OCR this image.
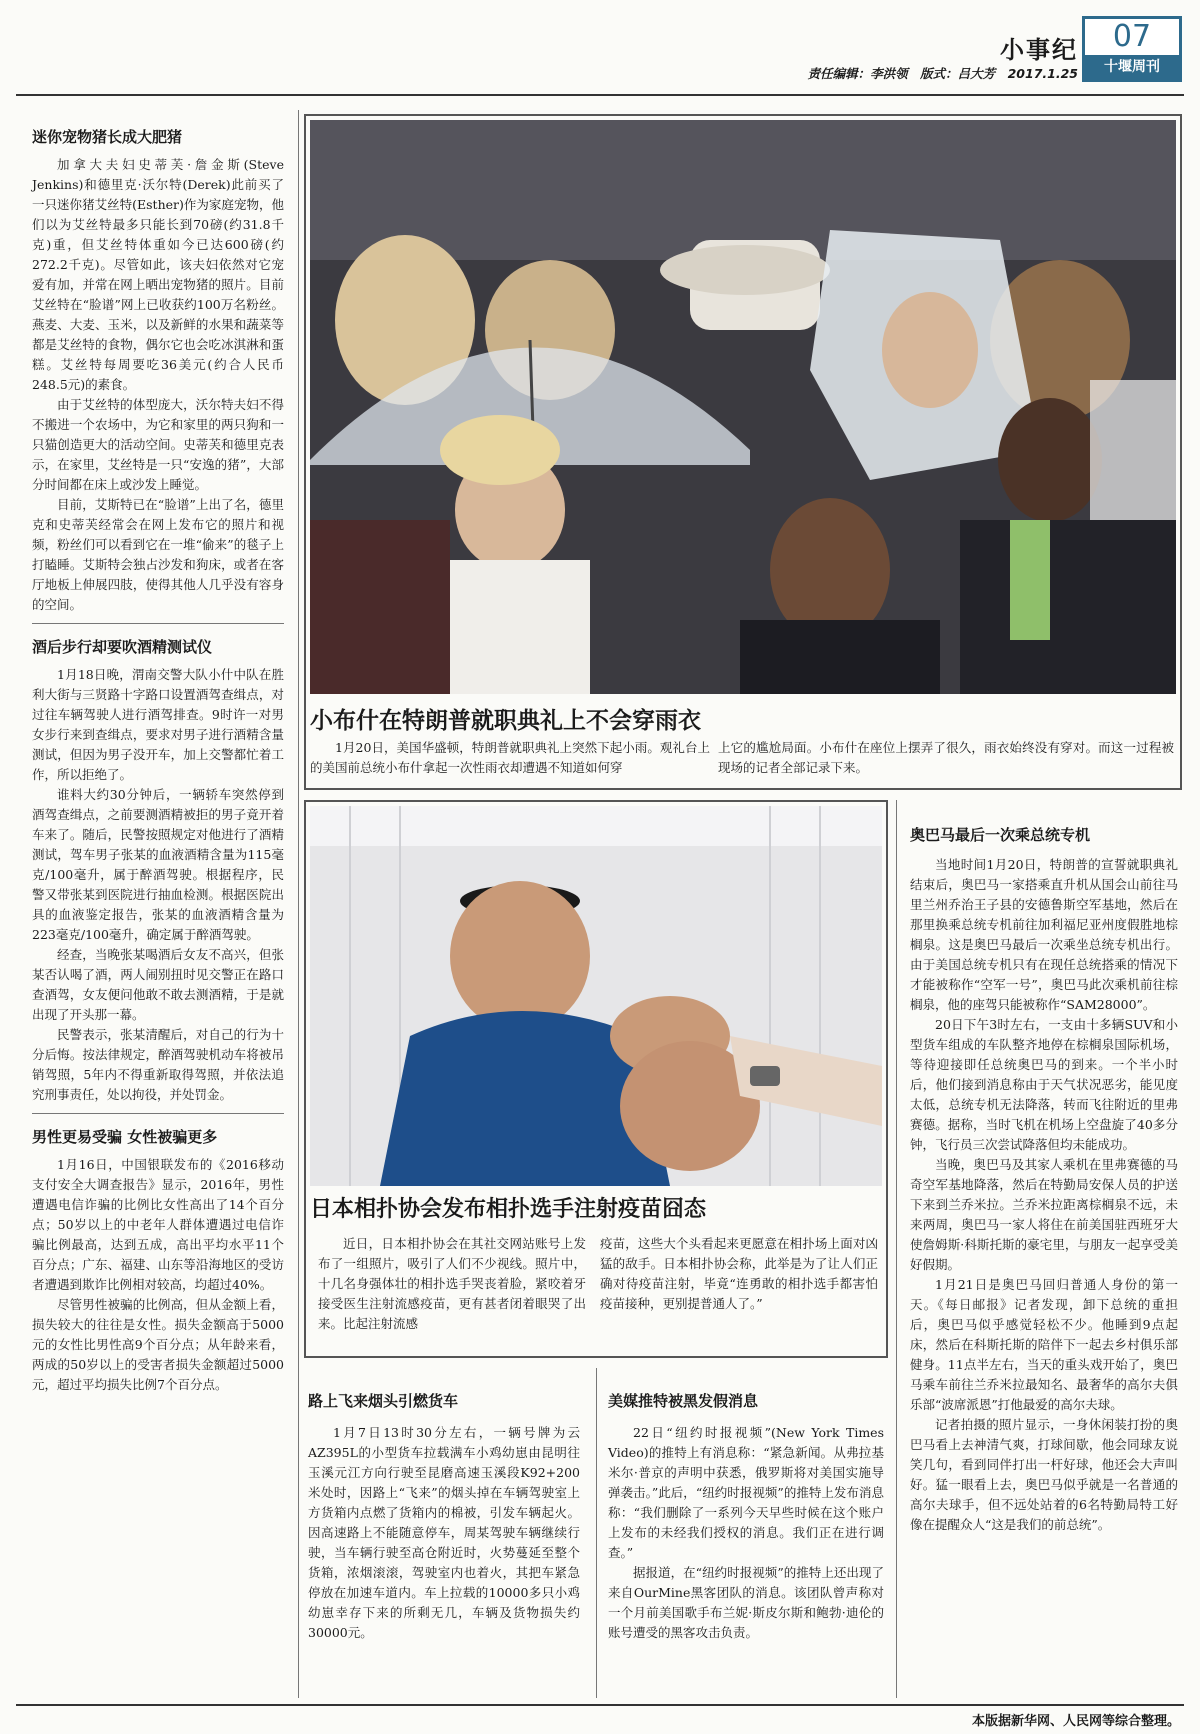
小事纪
责任编辑：李洪领　版式：吕大芳　2017.1.25
07
十堰周刊
迷你宠物猪长成大肥猪

加拿大夫妇史蒂芙·詹金斯(Steve Jenkins)和德里克·沃尔特(Derek)此前买了一只迷你猪艾丝特(Esther)作为家庭宠物，他们以为艾丝特最多只能长到70磅(约31.8千克)重，但艾丝特体重如今已达600磅(约272.2千克)。尽管如此，该夫妇依然对它宠爱有加，并常在网上晒出宠物猪的照片。目前艾丝特在“脸谱”网上已收获约100万名粉丝。燕麦、大麦、玉米，以及新鲜的水果和蔬菜等都是艾丝特的食物，偶尔它也会吃冰淇淋和蛋糕。艾丝特每周要吃36美元(约合人民币248.5元)的素食。

由于艾丝特的体型庞大，沃尔特夫妇不得不搬进一个农场中，为它和家里的两只狗和一只猫创造更大的活动空间。史蒂芙和德里克表示，在家里，艾丝特是一只“安逸的猪”，大部分时间都在床上或沙发上睡觉。

目前，艾斯特已在“脸谱”上出了名，德里克和史蒂芙经常会在网上发布它的照片和视频，粉丝们可以看到它在一堆“偷来”的毯子上打瞌睡。艾斯特会独占沙发和狗床，或者在客厅地板上伸展四肢，使得其他人几乎没有容身的空间。

酒后步行却要吹酒精测试仪

1月18日晚，渭南交警大队小什中队在胜利大街与三贤路十字路口设置酒驾查缉点，对过往车辆驾驶人进行酒驾排查。9时许一对男女步行来到查缉点，要求对男子进行酒精含量测试，但因为男子没开车，加上交警都忙着工作，所以拒绝了。

谁料大约30分钟后，一辆轿车突然停到酒驾查缉点，之前要测酒精被拒的男子竟开着车来了。随后，民警按照规定对他进行了酒精测试，驾车男子张某的血液酒精含量为115毫克/100毫升，属于醉酒驾驶。根据程序，民警又带张某到医院进行抽血检测。根据医院出具的血液鉴定报告，张某的血液酒精含量为223毫克/100毫升，确定属于醉酒驾驶。

经查，当晚张某喝酒后女友不高兴，但张某否认喝了酒，两人闹别扭时见交警正在路口查酒驾，女友便问他敢不敢去测酒精，于是就出现了开头那一幕。

民警表示，张某清醒后，对自己的行为十分后悔。按法律规定，醉酒驾驶机动车将被吊销驾照，5年内不得重新取得驾照，并依法追究刑事责任，处以拘役，并处罚金。

男性更易受骗 女性被骗更多

1月16日，中国银联发布的《2016移动支付安全大调查报告》显示，2016年，男性遭遇电信诈骗的比例比女性高出了14个百分点；50岁以上的中老年人群体遭遇过电信诈骗比例最高，达到五成，高出平均水平11个百分点；广东、福建、山东等沿海地区的受访者遭遇到欺诈比例相对较高，均超过40%。

尽管男性被骗的比例高，但从金额上看，损失较大的往往是女性。损失金额高于5000元的女性比男性高9个百分点；从年龄来看，两成的50岁以上的受害者损失金额超过5000元，超过平均损失比例7个百分点。

小布什在特朗普就职典礼上不会穿雨衣
1月20日，美国华盛顿，特朗普就职典礼上突然下起小雨。观礼台上的美国前总统小布什拿起一次性雨衣却遭遇不知道如何穿
上它的尴尬局面。小布什在座位上摆弄了很久，雨衣始终没有穿对。而这一过程被现场的记者全部记录下来。
日本相扑协会发布相扑选手注射疫苗囧态
近日，日本相扑协会在其社交网站账号上发布了一组照片，吸引了人们不少视线。照片中，十几名身强体壮的相扑选手哭丧着脸，紧咬着牙接受医生注射流感疫苗，更有甚者闭着眼哭了出来。比起注射流感
疫苗，这些大个头看起来更愿意在相扑场上面对凶猛的敌手。日本相扑协会称，此举是为了让人们正确对待疫苗注射，毕竟“连勇敢的相扑选手都害怕疫苗接种，更别提普通人了。”
路上飞来烟头引燃货车
1月7日13时30分左右，一辆号牌为云AZ395L的小型货车拉载满车小鸡幼崽由昆明往玉溪元江方向行驶至昆磨高速玉溪段K92+200米处时，因路上“飞来”的烟头掉在车辆驾驶室上方货箱内点燃了货箱内的棉被，引发车辆起火。因高速路上不能随意停车，周某驾驶车辆继续行驶，当车辆行驶至高仓附近时，火势蔓延至整个货箱，浓烟滚滚，驾驶室内也着火，其把车紧急停放在加速车道内。车上拉载的10000多只小鸡幼崽幸存下来的所剩无几，车辆及货物损失约30000元。
美媒推特被黑发假消息

22日“纽约时报视频”(New York Times Video)的推特上有消息称：“紧急新闻。从弗拉基米尔·普京的声明中获悉，俄罗斯将对美国实施导弹袭击。”此后，“纽约时报视频”的推特上发布消息称：“我们删除了一系列今天早些时候在这个账户上发布的未经我们授权的消息。我们正在进行调查。”

据报道，在“纽约时报视频”的推特上还出现了来自OurMine黑客团队的消息。该团队曾声称对一个月前美国歌手布兰妮·斯皮尔斯和鲍勃·迪伦的账号遭受的黑客攻击负责。

奥巴马最后一次乘总统专机

当地时间1月20日，特朗普的宣誓就职典礼结束后，奥巴马一家搭乘直升机从国会山前往马里兰州乔治王子县的安德鲁斯空军基地，然后在那里换乘总统专机前往加利福尼亚州度假胜地棕榈泉。这是奥巴马最后一次乘坐总统专机出行。由于美国总统专机只有在现任总统搭乘的情况下才能被称作“空军一号”，奥巴马此次乘机前往棕榈泉，他的座驾只能被称作“SAM28000”。

20日下午3时左右，一支由十多辆SUV和小型货车组成的车队整齐地停在棕榈泉国际机场，等待迎接即任总统奥巴马的到来。一个半小时后，他们接到消息称由于天气状况恶劣，能见度太低，总统专机无法降落，转而飞往附近的里弗赛德。据称，当时飞机在机场上空盘旋了40多分钟，飞行员三次尝试降落但均未能成功。

当晚，奥巴马及其家人乘机在里弗赛德的马奇空军基地降落，然后在特勤局安保人员的护送下来到兰乔米拉。兰乔米拉距离棕榈泉不远，未来两周，奥巴马一家人将住在前美国驻西班牙大使詹姆斯·科斯托斯的豪宅里，与朋友一起享受美好假期。

1月21日是奥巴马回归普通人身份的第一天。《每日邮报》记者发现，卸下总统的重担后，奥巴马似乎感觉轻松不少。他睡到9点起床，然后在科斯托斯的陪伴下一起去乡村俱乐部健身。11点半左右，当天的重头戏开始了，奥巴马乘车前往兰乔米拉最知名、最奢华的高尔夫俱乐部“波席派恩”打他最爱的高尔夫球。

记者拍摄的照片显示，一身休闲装打扮的奥巴马看上去神清气爽，打球间歇，他会同球友说笑几句，看到同伴打出一杆好球，他还会大声叫好。猛一眼看上去，奥巴马似乎就是一名普通的高尔夫球手，但不远处站着的6名特勤局特工好像在提醒众人“这是我们的前总统”。

本版据新华网、人民网等综合整理。
